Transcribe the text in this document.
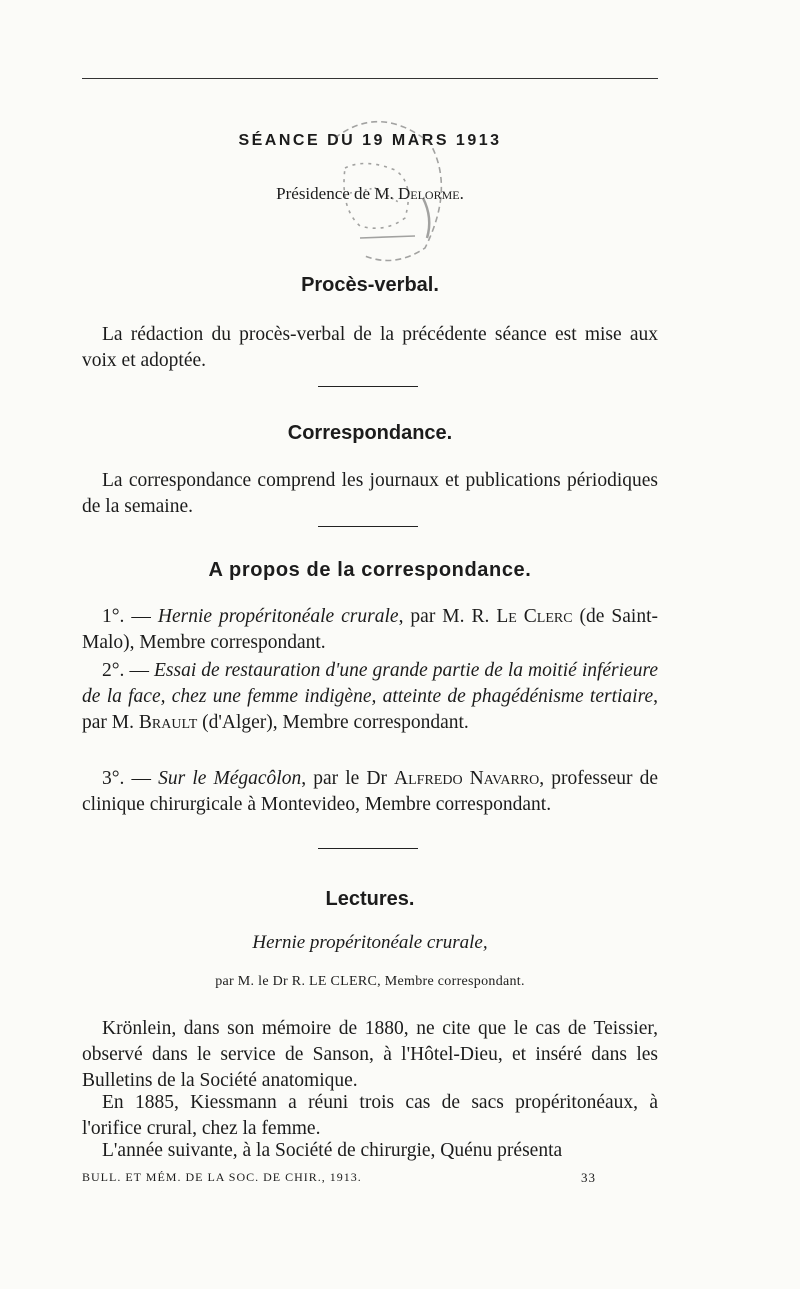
SÉANCE DU 19 MARS 1913
Présidence de M. Delorme.
Procès-verbal.
La rédaction du procès-verbal de la précédente séance est mise aux voix et adoptée.
Correspondance.
La correspondance comprend les journaux et publications périodiques de la semaine.
A propos de la correspondance.
1°. — Hernie propéritonéale crurale, par M. R. Le Clerc (de Saint-Malo), Membre correspondant.
2°. — Essai de restauration d'une grande partie de la moitié inférieure de la face, chez une femme indigène, atteinte de phagédénisme tertiaire, par M. Brault (d'Alger), Membre correspondant.
3°. — Sur le Mégacôlon, par le Dr Alfredo Navarro, professeur de clinique chirurgicale à Montevideo, Membre correspondant.
Lectures.
Hernie propéritonéale crurale,
par M. le Dr R. LE CLERC, Membre correspondant.
Krönlein, dans son mémoire de 1880, ne cite que le cas de Teissier, observé dans le service de Sanson, à l'Hôtel-Dieu, et inséré dans les Bulletins de la Société anatomique.
En 1885, Kiessmann a réuni trois cas de sacs propéritonéaux, à l'orifice crural, chez la femme.
L'année suivante, à la Société de chirurgie, Quénu présenta
BULL. ET MÉM. DE LA SOC. DE CHIR., 1913.	33
